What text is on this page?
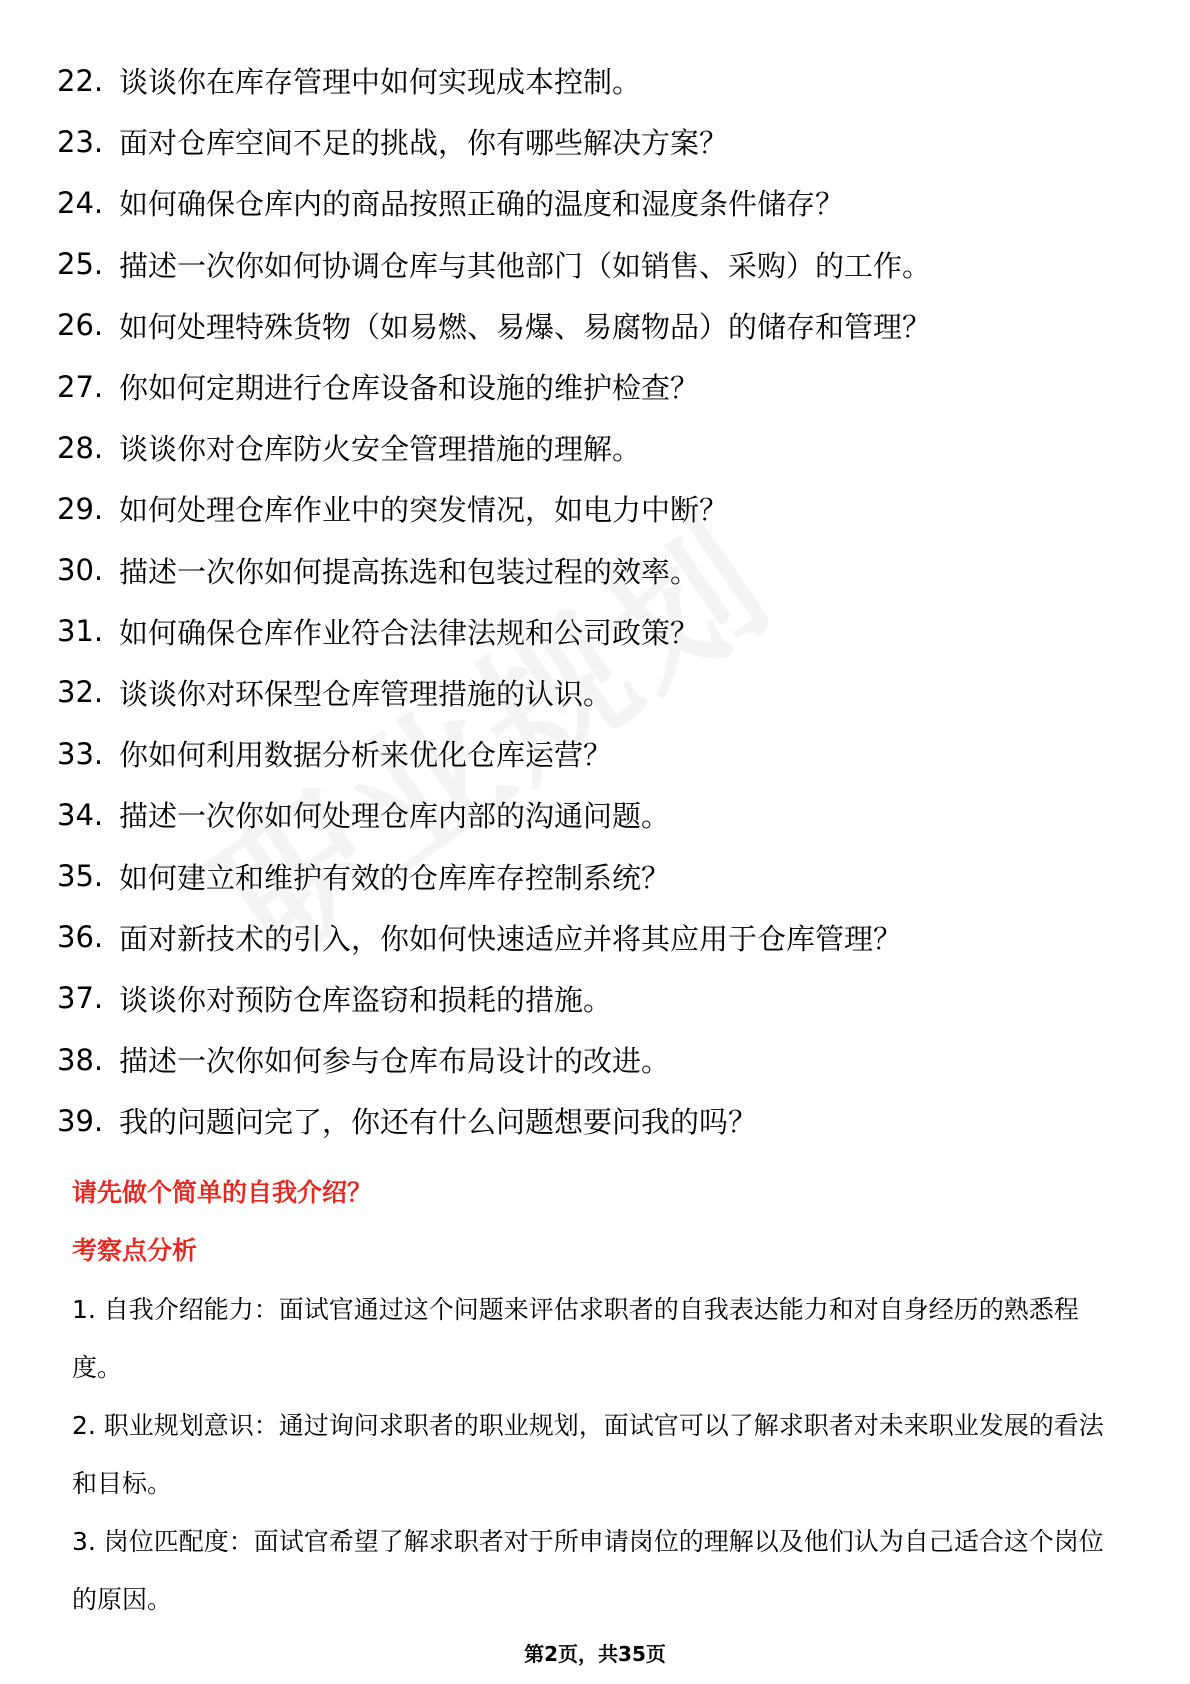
22. 谈谈你在库存管理中如何实现成本控制。
23. 面对仓库空间不足的挑战，你有哪些解决方案？
24. 如何确保仓库内的商品按照正确的温度和湿度条件储存？
25. 描述一次你如何协调仓库与其他部门（如销售、采购）的工作。
26. 如何处理特殊货物（如易燃、易爆、易腐物品）的储存和管理？
27. 你如何定期进行仓库设备和设施的维护检查？
28. 谈谈你对仓库防火安全管理措施的理解。
29. 如何处理仓库作业中的突发情况，如电力中断？
30. 描述一次你如何提高拣选和包装过程的效率。
31. 如何确保仓库作业符合法律法规和公司政策？
32. 谈谈你对环保型仓库管理措施的认识。
33. 你如何利用数据分析来优化仓库运营？
34. 描述一次你如何处理仓库内部的沟通问题。
35. 如何建立和维护有效的仓库库存控制系统？
36. 面对新技术的引入，你如何快速适应并将其应用于仓库管理？
37. 谈谈你对预防仓库盗窃和损耗的措施。
38. 描述一次你如何参与仓库布局设计的改进。
39. 我的问题问完了，你还有什么问题想要问我的吗？
请先做个简单的自我介绍？
考察点分析

1. 自我介绍能力：面试官通过这个问题来评估求职者的自我表达能力和对自身经历的熟悉程度。

2. 职业规划意识：通过询问求职者的职业规划，面试官可以了解求职者对未来职业发展的看法和目标。

3. 岗位匹配度：面试官希望了解求职者对于所申请岗位的理解以及他们认为自己适合这个岗位的原因。

第2页，共35页
